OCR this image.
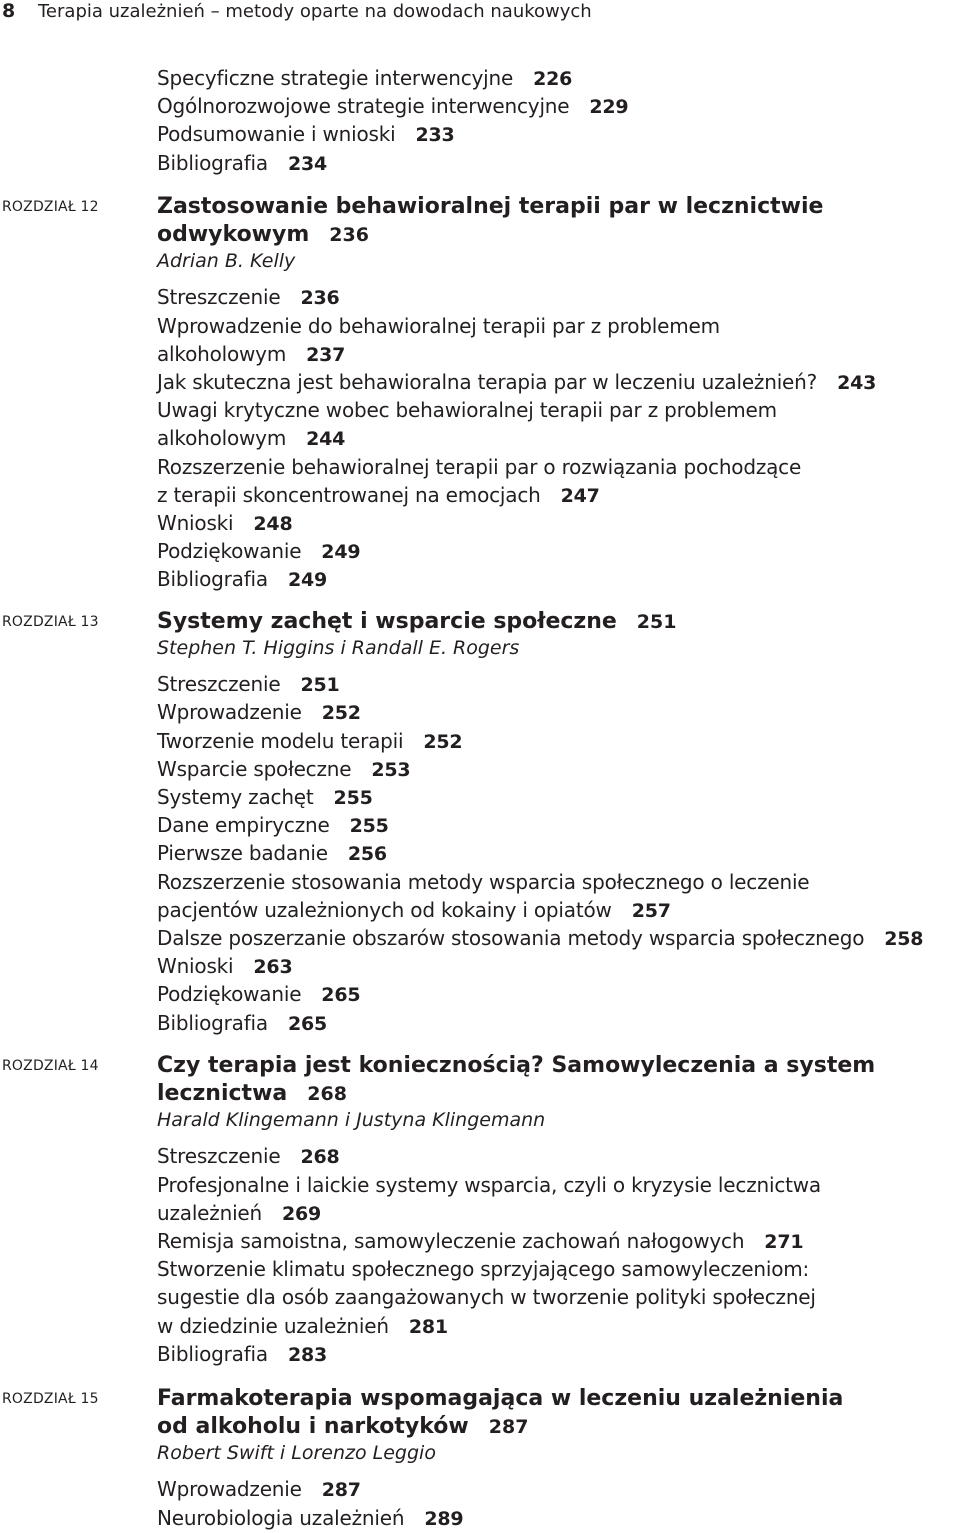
8	Terapia uzależnień – metody oparte na dowodach naukowych
Specyficzne strategie interwencyjne 226
Ogólnorozwojowe strategie interwencyjne 229
Podsumowanie i wnioski 233
Bibliografia 234
ROZDZIAŁ 12	Zastosowanie behawioralnej terapii par w lecznictwie
odwykowym 236
Adrian B. Kelly
Streszczenie 236
Wprowadzenie do behawioralnej terapii par z problemem
alkoholowym 237
Jak skuteczna jest behawioralna terapia par w leczeniu uzależnień? 243
Uwagi krytyczne wobec behawioralnej terapii par z problemem
alkoholowym 244
Rozszerzenie behawioralnej terapii par o rozwiązania pochodzące
z terapii skoncentrowanej na emocjach 247
Wnioski 248
Podziękowanie 249
Bibliografia 249
ROZDZIAŁ 13	Systemy zachęt i wsparcie społeczne 251
Stephen T. Higgins i Randall E. Rogers
Streszczenie 251
Wprowadzenie 252
Tworzenie modelu terapii 252
Wsparcie społeczne 253
Systemy zachęt 255
Dane empiryczne 255
Pierwsze badanie 256
Rozszerzenie stosowania metody wsparcia społecznego o leczenie
pacjentów uzależnionych od kokainy i opiatów 257
Dalsze poszerzanie obszarów stosowania metody wsparcia społecznego 258
Wnioski 263
Podziękowanie 265
Bibliografia 265
ROZDZIAŁ 14	Czy terapia jest koniecznością? Samowyleczenia a system
lecznictwa 268
Harald Klingemann i Justyna Klingemann
Streszczenie 268
Profesjonalne i laickie systemy wsparcia, czyli o kryzysie lecznictwa
uzależnień 269
Remisja samoistna, samowyleczenie zachowań nałogowych 271
Stworzenie klimatu społecznego sprzyjającego samowyleczeniom:
sugestie dla osób zaangażowanych w tworzenie polityki społecznej
w dziedzinie uzależnień 281
Bibliografia 283
ROZDZIAŁ 15	Farmakoterapia wspomagająca w leczeniu uzależnienia
od alkoholu i narkotyków 287
Robert Swift i Lorenzo Leggio
Wprowadzenie 287
Neurobiologia uzależnień 289
